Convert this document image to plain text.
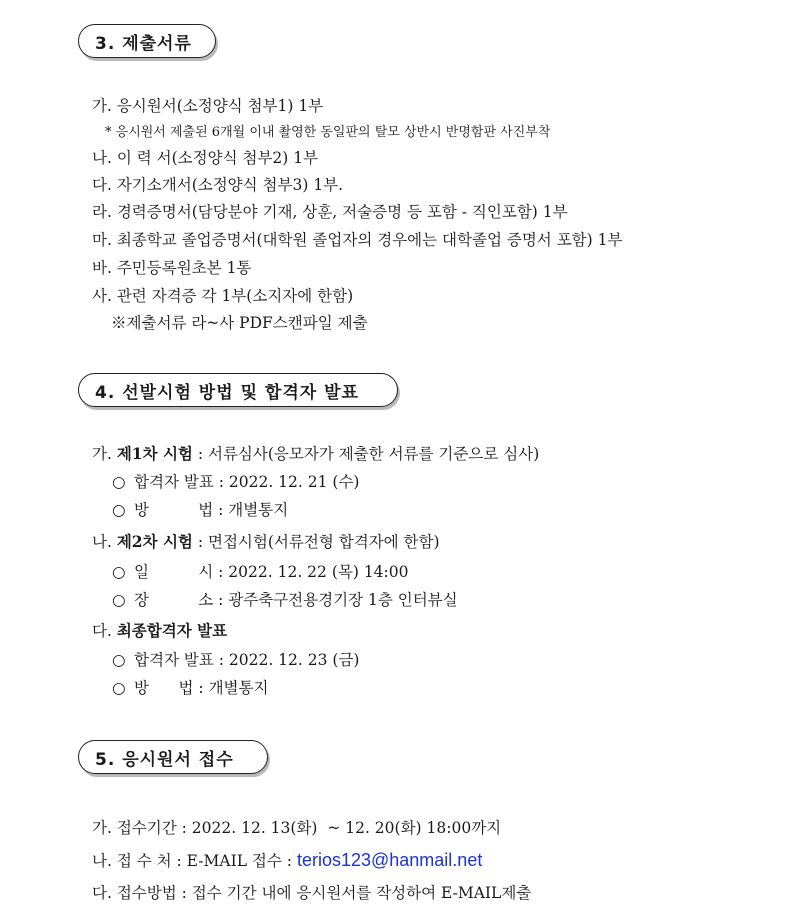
3. 제출서류
가. 응시원서(소정양식 첨부1) 1부
* 응시원서 제출된 6개월 이내 촬영한 동일판의 탈모 상반시 반명함판 사진부착
나. 이 력 서(소정양식 첨부2) 1부
다. 자기소개서(소정양식 첨부3) 1부.
라. 경력증명서(담당분야 기재, 상훈, 저술증명 등 포함 - 직인포함) 1부
마. 최종학교 졸업증명서(대학원 졸업자의 경우에는 대학졸업 증명서 포함) 1부
바. 주민등록원초본 1통
사. 관련 자격증 각 1부(소지자에 한함)
※제출서류 라~사 PDF스캔파일 제출
4. 선발시험 방법 및 합격자 발표
가. 제1차 시험 : 서류심사(응모자가 제출한 서류를 기준으로 심사)
○ 합격자 발표 : 2022. 12. 21 (수)
○ 방          법 : 개별통지
나. 제2차 시험 : 면접시험(서류전형 합격자에 한함)
○ 일          시 : 2022. 12. 22 (목) 14:00
○ 장          소 : 광주축구전용경기장 1층 인터뷰실
다. 최종합격자 발표
○ 합격자 발표 : 2022. 12. 23 (금)
○ 방      법 : 개별통지
5. 응시원서 접수
가. 접수기간 : 2022. 12. 13(화)  ~ 12. 20(화) 18:00까지
나. 접 수 처 : E-MAIL 접수 : terios123@hanmail.net
다. 접수방법 : 접수 기간 내에 응시원서를 작성하여 E-MAIL제출
